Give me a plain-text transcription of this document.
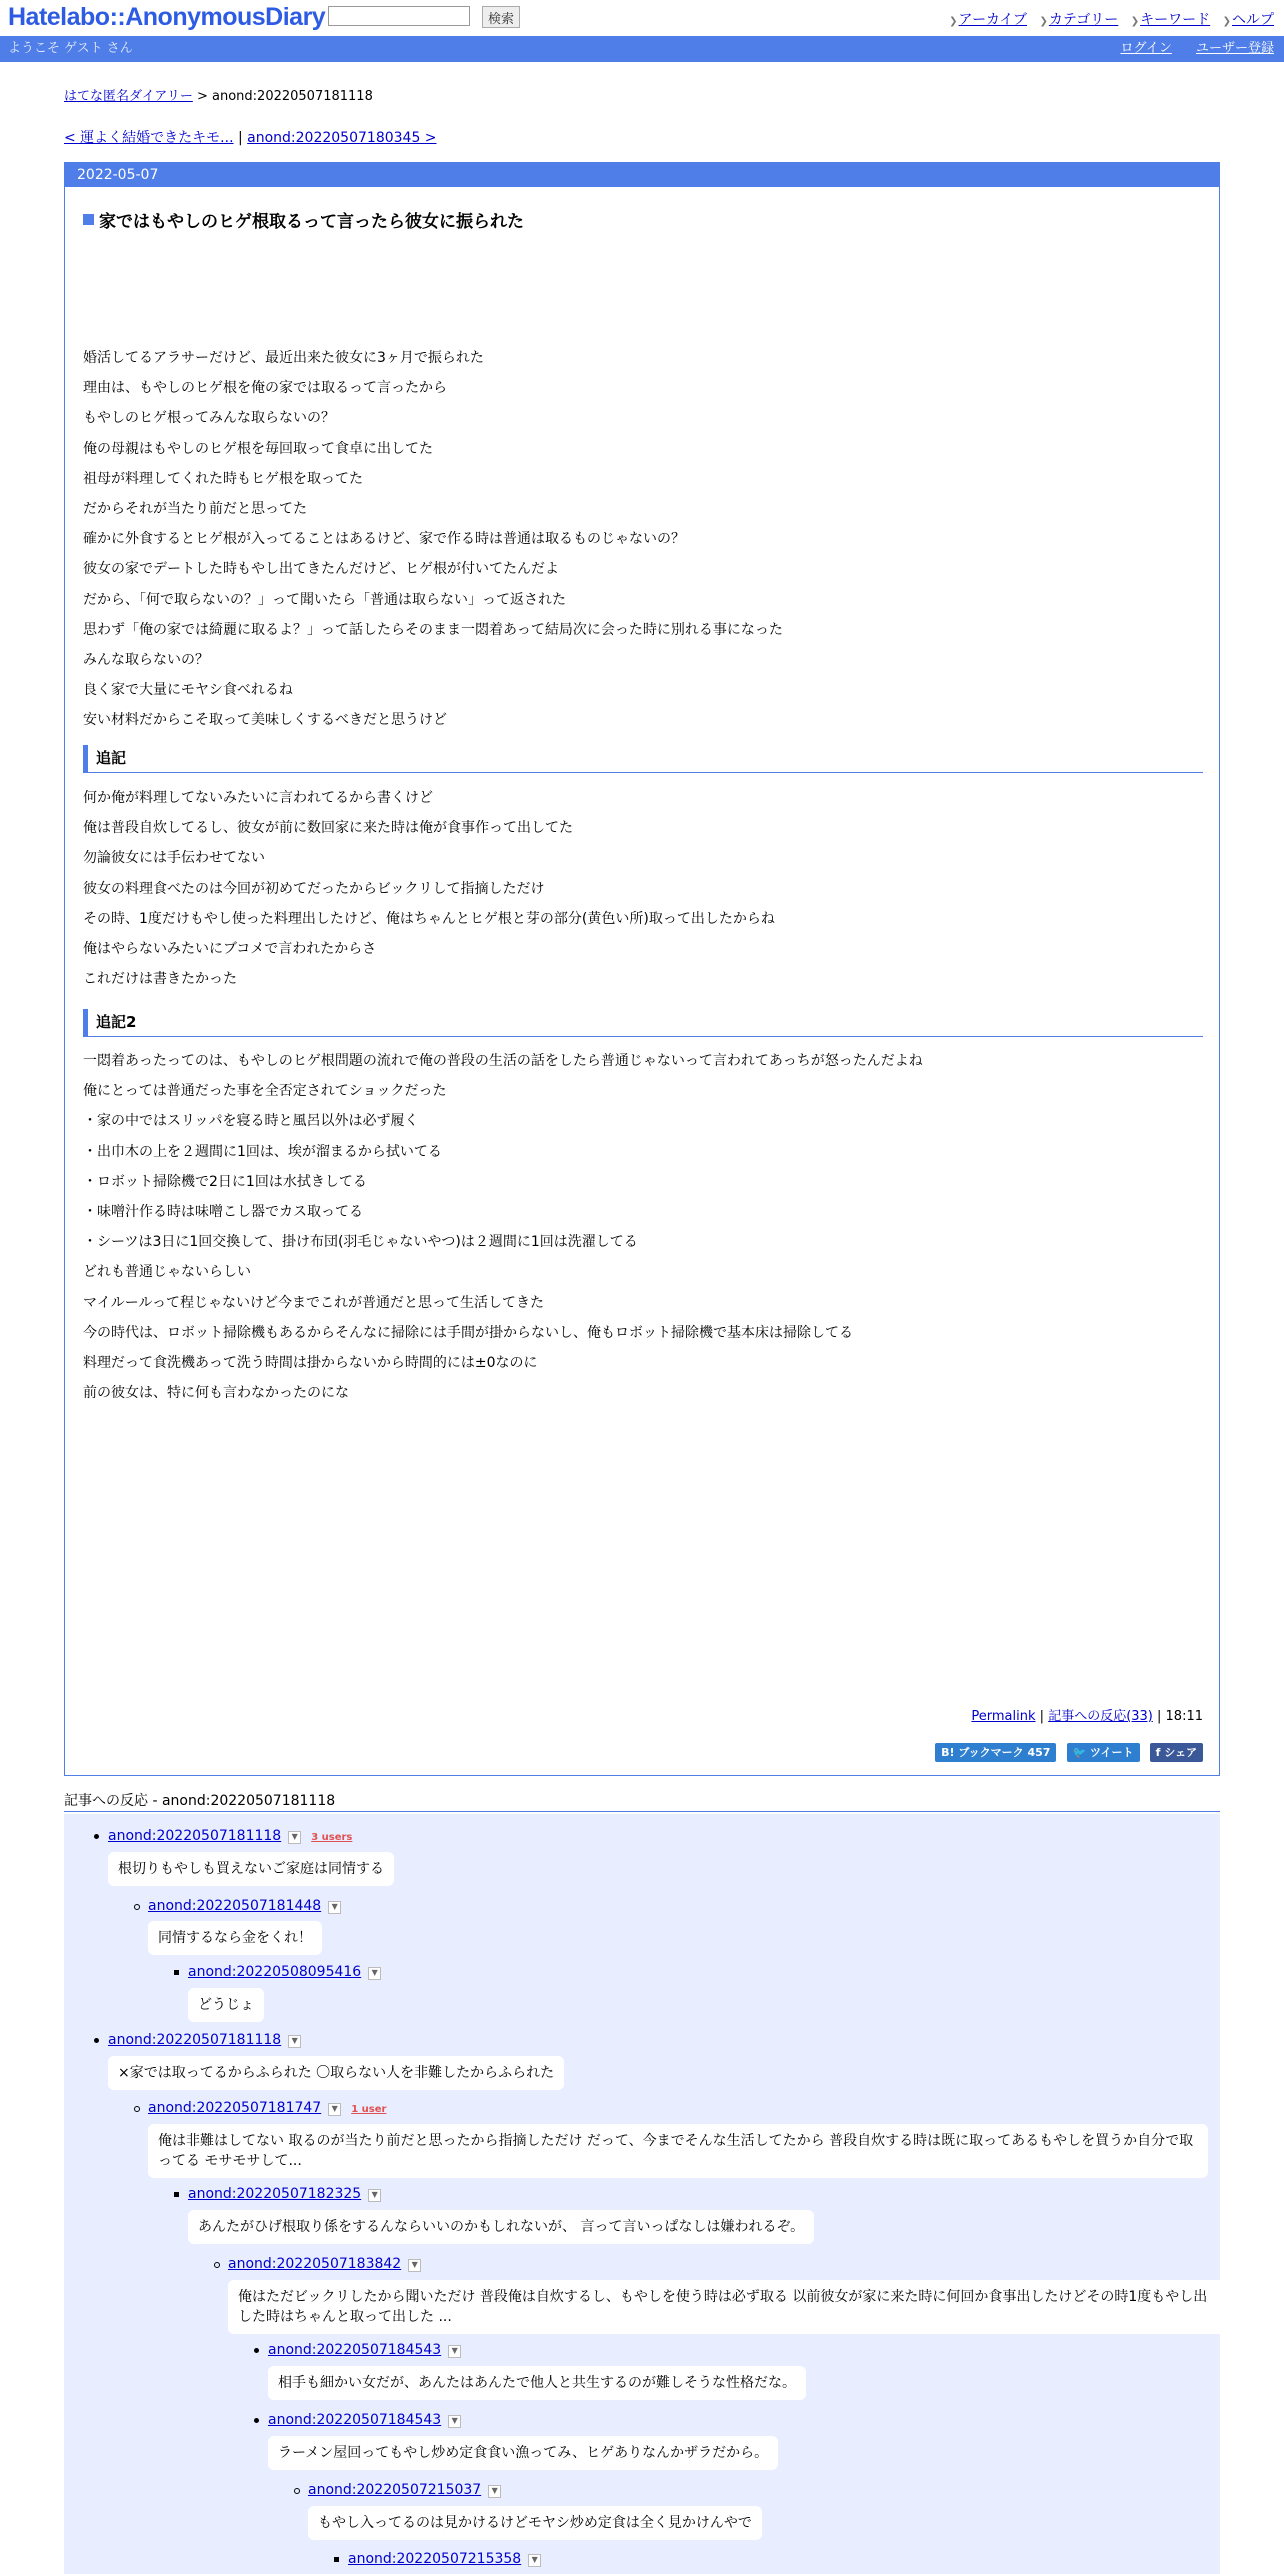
Hatelabo::AnonymousDiary	検索	❯アーカイブ ❯カテゴリー ❯キーワード ❯ヘルプ
ようこそ ゲスト さん	ログイン ユーザー登録
はてな匿名ダイアリー > anond:20220507181118
< 運よく結婚できたキモ... | anond:20220507180345 >
2022-05-07
家ではもやしのヒゲ根取るって言ったら彼女に振られた
婚活してるアラサーだけど、最近出来た彼女に3ヶ月で振られた
理由は、もやしのヒゲ根を俺の家では取るって言ったから
もやしのヒゲ根ってみんな取らないの？
俺の母親はもやしのヒゲ根を毎回取って食卓に出してた
祖母が料理してくれた時もヒゲ根を取ってた
だからそれが当たり前だと思ってた
確かに外食するとヒゲ根が入ってることはあるけど、家で作る時は普通は取るものじゃないの？
彼女の家でデートした時もやし出てきたんだけど、ヒゲ根が付いてたんだよ
だから、「何で取らないの？」って聞いたら「普通は取らない」って返された
思わず「俺の家では綺麗に取るよ？」って話したらそのまま一悶着あって結局次に会った時に別れる事になった
みんな取らないの？
良く家で大量にモヤシ食べれるね
安い材料だからこそ取って美味しくするべきだと思うけど
追記
何か俺が料理してないみたいに言われてるから書くけど
俺は普段自炊してるし、彼女が前に数回家に来た時は俺が食事作って出してた
勿論彼女には手伝わせてない
彼女の料理食べたのは今回が初めてだったからビックリして指摘しただけ
その時、1度だけもやし使った料理出したけど、俺はちゃんとヒゲ根と芽の部分(黄色い所)取って出したからね
俺はやらないみたいにブコメで言われたからさ
これだけは書きたかった
追記2
一悶着あったってのは、もやしのヒゲ根問題の流れで俺の普段の生活の話をしたら普通じゃないって言われてあっちが怒ったんだよね
俺にとっては普通だった事を全否定されてショックだった
・家の中ではスリッパを寝る時と風呂以外は必ず履く
・出巾木の上を２週間に1回は、埃が溜まるから拭いてる
・ロボット掃除機で2日に1回は水拭きしてる
・味噌汁作る時は味噌こし器でカス取ってる
・シーツは3日に1回交換して、掛け布団(羽毛じゃないやつ)は２週間に1回は洗濯してる
どれも普通じゃないらしい
マイルールって程じゃないけど今までこれが普通だと思って生活してきた
今の時代は、ロボット掃除機もあるからそんなに掃除には手間が掛からないし、俺もロボット掃除機で基本床は掃除してる
料理だって食洗機あって洗う時間は掛からないから時間的には±0なのに
前の彼女は、特に何も言わなかったのにな
Permalink | 記事への反応(33) | 18:11
B! ブックマーク 457 🐦 ツイート f シェア
記事への反応 - anond:20220507181118
anond:20220507181118 ▼ 3 users
根切りもやしも買えないご家庭は同情する
anond:20220507181448 ▼
同情するなら金をくれ！
anond:20220508095416 ▼
どうじょ
anond:20220507181118 ▼
×家では取ってるからふられた 〇取らない人を非難したからふられた
anond:20220507181747 ▼ 1 user
俺は非難はしてない 取るのが当たり前だと思ったから指摘しただけ だって、今までそんな生活してたから 普段自炊する時は既に取ってあるもやしを買うか自分で取ってる モサモサして...
anond:20220507182325 ▼
あんたがひげ根取り係をするんならいいのかもしれないが、 言って言いっぱなしは嫌われるぞ。
anond:20220507183842 ▼
俺はただビックリしたから聞いただけ 普段俺は自炊するし、もやしを使う時は必ず取る 以前彼女が家に来た時に何回か食事出したけどその時1度もやし出した時はちゃんと取って出した ...
anond:20220507184543 ▼
相手も細かい女だが、あんたはあんたで他人と共生するのが難しそうな性格だな。
anond:20220507184543 ▼
ラーメン屋回ってもやし炒め定食食い漁ってみ、ヒゲありなんかザラだから。
anond:20220507215037 ▼
もやし入ってるのは見かけるけどモヤシ炒め定食は全く見かけんやで
anond:20220507215358 ▼
